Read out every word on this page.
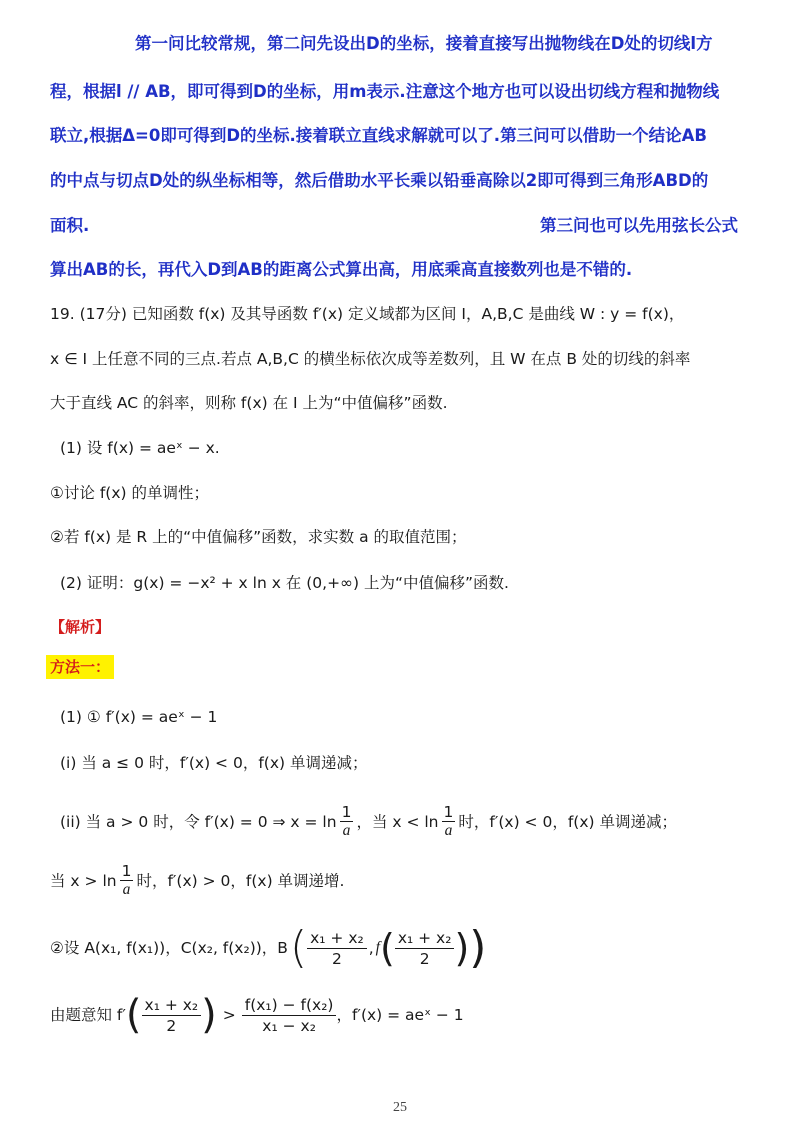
第一问比较常规，第二问先设出D的坐标，接着直接写出抛物线在D处的切线l方
程，根据l // AB，即可得到D的坐标，用m表示.注意这个地方也可以设出切线方程和抛物线
联立,根据Δ=0即可得到D的坐标.接着联立直线求解就可以了.第三问可以借助一个结论AB
的中点与切点D处的纵坐标相等，然后借助水平长乘以铅垂高除以2即可得到三角形ABD的
面积.	第三问也可以先用弦长公式
算出AB的长，再代入D到AB的距离公式算出高，用底乘高直接数列也是不错的.
19. (17分) 已知函数 f(x) 及其导函数 f′(x) 定义域都为区间 I，A,B,C 是曲线 W : y = f(x)，
x ∈ I 上任意不同的三点.若点 A,B,C 的横坐标依次成等差数列，且 W 在点 B 处的切线的斜率
大于直线 AC 的斜率，则称 f(x) 在 I 上为“中值偏移”函数.
(1) 设 f(x) = aeˣ − x.
①讨论 f(x) 的单调性；
②若 f(x) 是 R 上的“中值偏移”函数，求实数 a 的取值范围；
(2) 证明：g(x) = −x² + x ln x 在 (0,+∞) 上为“中值偏移”函数.
【解析】
方法一：
(1) ① f′(x) = aeˣ − 1
(i) 当 a ≤ 0 时，f′(x) < 0，f(x) 单调递减；
(ii) 当 a > 0 时，令 f′(x) = 0 ⇒ $x = \ln \frac{1}{a}$ ，当 $x < \ln \frac{1}{a}$ 时，f′(x) < 0，f(x) 单调递减；
当 $x > \ln \frac{1}{a}$ 时，f′(x) > 0，f(x) 单调递增.
②设 A(x₁, f(x₁))，C(x₂, f(x₂))，B ( $\frac{\text{x₁ + x₂}}{2}$ , f ( $\frac{\text{x₁ + x₂}}{2}$ ) )
由题意知 f′ ( $\frac{\text{x₁ + x₂}}{2}$ ) > $\frac{\text{f(x₁) − f(x₂)}}{\text{x₁ − x₂}}$ ，f′(x) = aeˣ − 1
25
